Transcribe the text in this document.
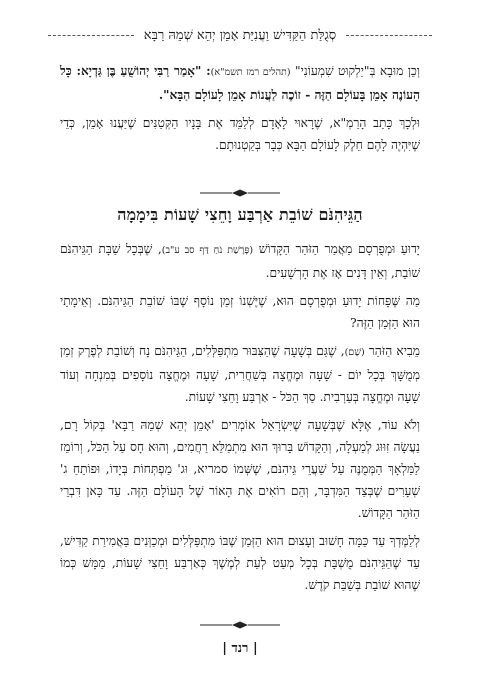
סְגֻלַּת הַקַּדִּישׁ וַעֲנִיַּת אָמֵן יְהֵא שְׁמֵהּ רַבָּא

וְכֵן מוּבָא בְּ"יַלְקוּט שִׁמְעוֹנִי" (תהלים רמז תשמ"א): "אָמַר רַבִּי יְהוֹשֻׁעַ בֶּן גַּדְיָא: כָּל הָעוֹנֶה אָמֵן בָּעוֹלָם הַזֶּה - זוֹכֶה לַעֲנוֹת אָמֵן לָעוֹלָם הַבָּא".

וּלְכָךְ כָּתַב הָרַמְ"א, שֶׁרָאוּי לָאָדָם לְלַמֵּד אֶת בָּנָיו הַקְּטַנִּים שֶׁיַּעֲנוּ אָמֵן, כְּדֵי שֶׁיִּהְיֶה לָהֶם חֵלֶק לָעוֹלָם הַבָּא כְּבָר בְּקַטְנוּתָם.

הַגֵּיהִנֹּם שׁוֹבֵת אַרְבַּע וָחֵצִי שָׁעוֹת בִּימָמָה

יָדוּעַ וּמְפֻרְסָם מַאֲמַר הַזֹּהַר הַקָּדוֹשׁ (פָּרָשַׁת נֹחַ דַּף סב ע"ב), שֶׁבְּכָל שַׁבָּת הַגֵּיהִנֹּם שׁוֹבֵת, וְאֵין דָּנִים אָז אֶת הָרְשָׁעִים.

מַה שֶּׁפָּחוֹת יָדוּעַ וּמְפֻרְסָם הוּא, שֶׁיֶּשְׁנוֹ זְמַן נוֹסָף שֶׁבּוֹ שׁוֹבֵת הַגֵּיהִנֹּם. וְאֵימָתַי הוּא הַזְּמַן הַזֶּה?

מֵבִיא הַזֹּהַר (שָׁם), שֶׁגַּם בְּשָׁעָה שֶׁהַצִּבּוּר מִתְפַּלְּלִים, הַגֵּיהִנֹּם נָח וְשׁוֹבֵת לְפֶרֶק זְמַן מְמֻשָּׁךְ בְּכָל יוֹם - שָׁעָה וּמֶחֱצָה בְּשַׁחֲרִית, שָׁעָה וּמֶחֱצָה נוֹסָפִים בְּמִנְחָה וְעוֹד שָׁעָה וּמֶחֱצָה בְּעַרְבִית. סַךְ הַכֹּל - אַרְבַּע וָחֵצִי שָׁעוֹת.

וְלֹא עוֹד, אֶלָּא שֶׁבְּשָׁעָה שֶׁיִּשְׂרָאֵל אוֹמְרִים 'אָמֵן יְהֵא שְׁמֵהּ רַבָּא' בְּקוֹל רָם, נַעֲשָׂה זִוּוּג לְמַעְלָה, וְהַקָּדוֹשׁ בָּרוּךְ הוּא מִתְמַלֵּא רַחֲמִים, וְהוּא חָס עַל הַכֹּל, וְרוֹמֵז לַמַּלְאָךְ הַמְּמֻנֶּה עַל שַׁעֲרֵי גֵּיהִנֹּם, שֶׁשְּׁמוֹ סמריא, וּג' מַפְתְּחוֹת בְּיָדוֹ, וּפוֹתֵחַ ג' שְׁעָרִים שֶׁבְּצַד הַמִּדְבָּר, וְהֵם רוֹאִים אֶת הָאוֹר שֶׁל הָעוֹלָם הַזֶּה. עַד כָּאן דִּבְרֵי הַזֹּהַר הַקָּדוֹשׁ.

לְלַמֶּדְךָ עַד כַּמָּה חָשׁוּב וְעָצוּם הוּא הַזְּמַן שֶׁבּוֹ מִתְפַּלְּלִים וּמְכַוְּנִים בַּאֲמִירַת קַדִּישׁ, עַד שֶׁהַגֵּיהִנֹּם מֻשְׁבָּת בְּכָל מְעַט לְעֵת לְמֶשֶׁךְ כְּאַרְבַּע וָחֵצִי שָׁעוֹת, מַמָּשׁ כְּמוֹ שֶׁהוּא שׁוֹבֵת בְּשַׁבַּת קֹדֶשׁ.

| רנד |
